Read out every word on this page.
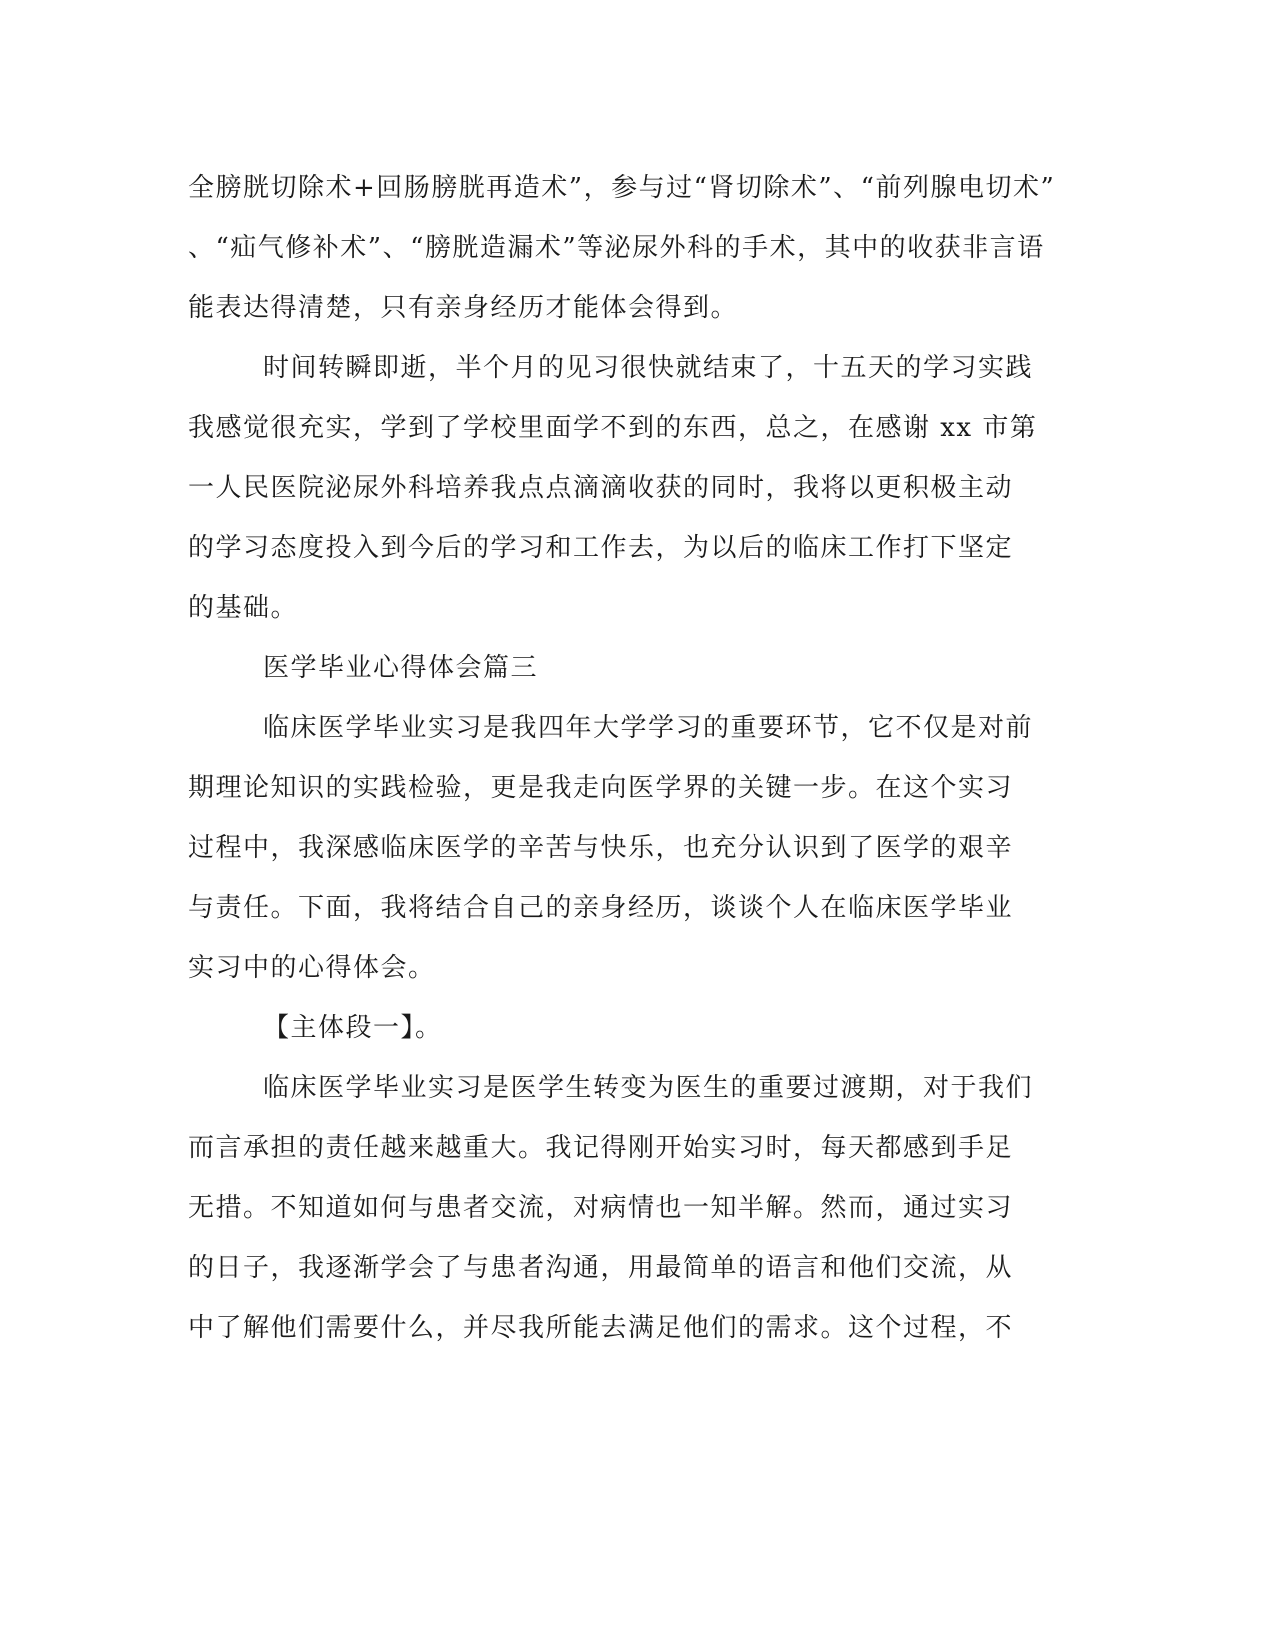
全膀胱切除术+回肠膀胱再造术”，参与过“肾切除术”、“前列腺电切术”
、“疝气修补术”、“膀胱造漏术”等泌尿外科的手术，其中的收获非言语
能表达得清楚，只有亲身经历才能体会得到。
时间转瞬即逝，半个月的见习很快就结束了，十五天的学习实践
我感觉很充实，学到了学校里面学不到的东西，总之，在感谢 xx 市第
一人民医院泌尿外科培养我点点滴滴收获的同时，我将以更积极主动
的学习态度投入到今后的学习和工作去，为以后的临床工作打下坚定
的基础。
医学毕业心得体会篇三
临床医学毕业实习是我四年大学学习的重要环节，它不仅是对前
期理论知识的实践检验，更是我走向医学界的关键一步。在这个实习
过程中，我深感临床医学的辛苦与快乐，也充分认识到了医学的艰辛
与责任。下面，我将结合自己的亲身经历，谈谈个人在临床医学毕业
实习中的心得体会。
【主体段一】。
临床医学毕业实习是医学生转变为医生的重要过渡期，对于我们
而言承担的责任越来越重大。我记得刚开始实习时，每天都感到手足
无措。不知道如何与患者交流，对病情也一知半解。然而，通过实习
的日子，我逐渐学会了与患者沟通，用最简单的语言和他们交流，从
中了解他们需要什么，并尽我所能去满足他们的需求。这个过程，不
